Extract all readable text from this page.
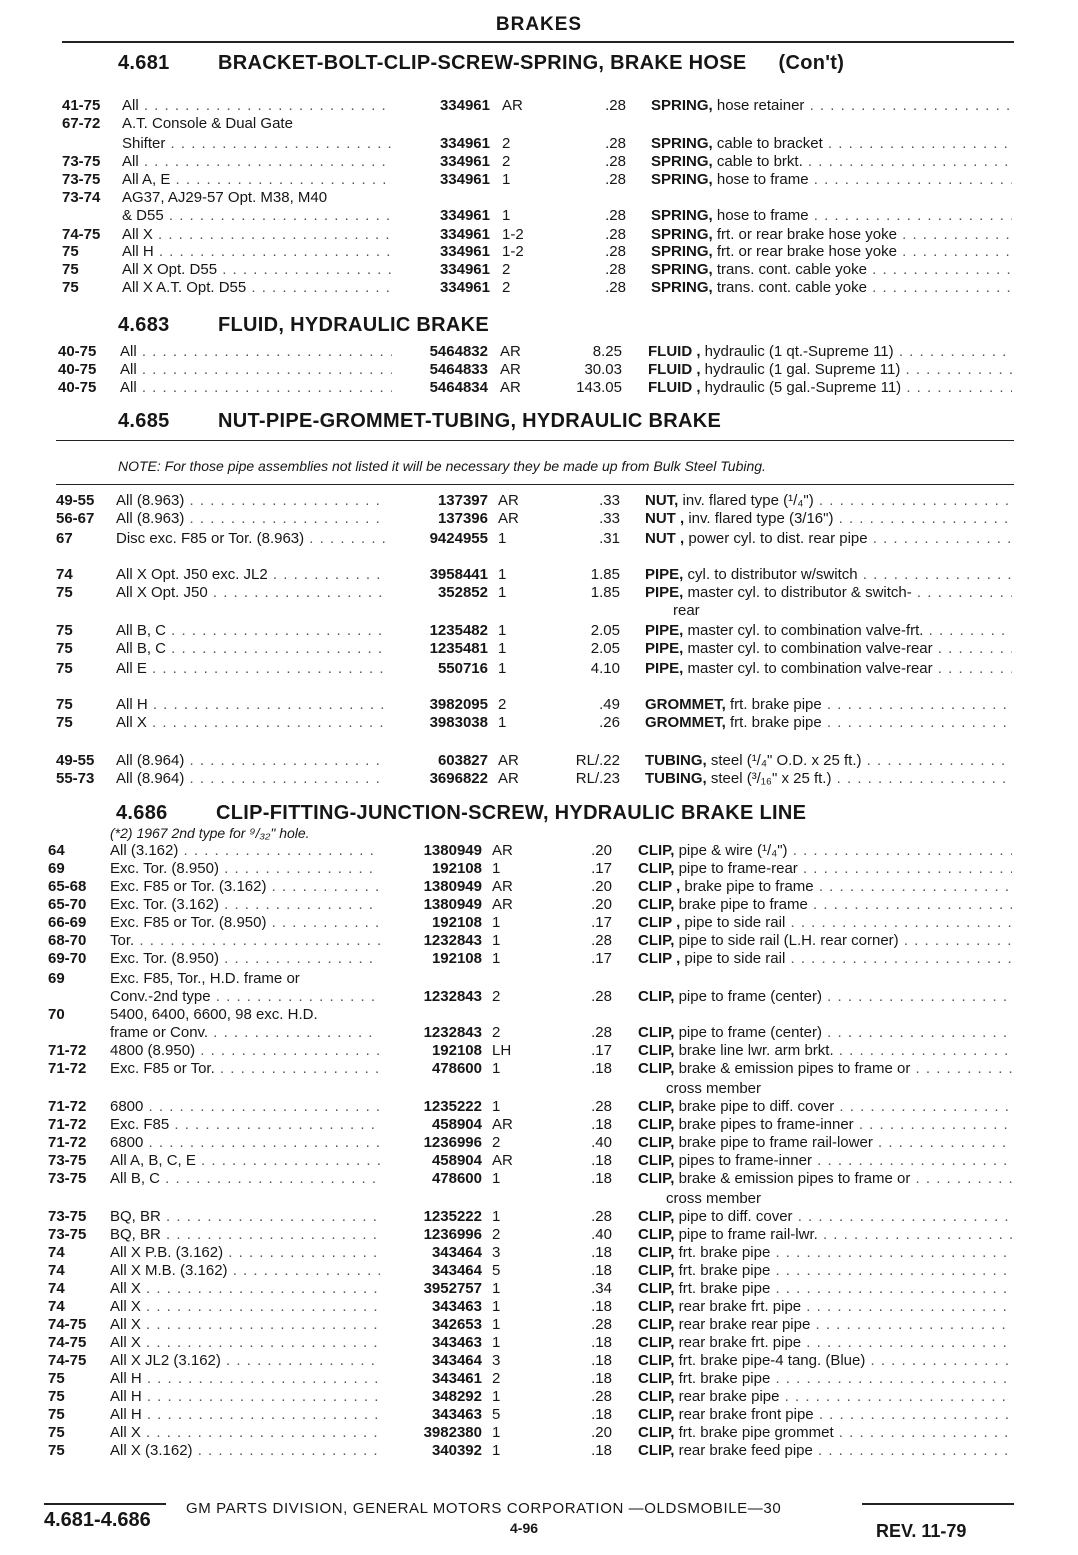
BRAKES
4.681 BRACKET-BOLT-CLIP-SCREW-SPRING, BRAKE HOSE (Con't)
41-75 All . . .	334961 AR	.28 SPRING, hose retainer . . .
67-72 A.T. Console & Dual Gate
Shifter . . .	334961 2	.28 SPRING, cable to bracket . . .
73-75 All . . .	334961 2	.28 SPRING, cable to brkt. . . .
73-75 All A, E . . .	334961 1	.28 SPRING, hose to frame . . .
73-74 AG37, AJ29-57 Opt. M38, M40
& D55 . . .	334961 1	.28 SPRING, hose to frame . . .
74-75 All X . . .	334961 1-2	.28 SPRING, frt. or rear brake hose yoke . . .
75	All H . . .	334961 1-2	.28 SPRING, frt. or rear brake hose yoke . . .
75	All X Opt. D55 . . .	334961 2	.28 SPRING, trans. cont. cable yoke . . .
75	All X A.T. Opt. D55 . . .	334961 2	.28 SPRING, trans. cont. cable yoke . . .
4.683 FLUID, HYDRAULIC BRAKE
40-75 All . . .	5464832 AR	8.25 FLUID , hydraulic (1 qt.-Supreme 11) . . .
40-75 All . . .	5464833 AR	30.03 FLUID , hydraulic (1 gal. Supreme 11) . . .
40-75 All . . .	5464834 AR	143.05 FLUID , hydraulic (5 gal.-Supreme 11) . . .
4.685 NUT-PIPE-GROMMET-TUBING, HYDRAULIC BRAKE
NOTE: For those pipe assemblies not listed it will be necessary they be made up from Bulk Steel Tubing.
49-55 All (8.963) . . .	137397 AR	.33 NUT, inv. flared type (¹/₄") . . .
56-67 All (8.963) . . .	137396 AR	.33 NUT , inv. flared type (3/16") . . .
67	Disc exc. F85 or Tor. (8.963) . . .	9424955 1	.31 NUT , power cyl. to dist. rear pipe . . .
74	All X Opt. J50 exc. JL2 . . .	3958441 1	1.85 PIPE, cyl. to distributor w/switch . . .
75	All X Opt. J50 . . .	352852 1	1.85 PIPE, master cyl. to distributor & switch- . . .
rear
75	All B, C . . .	1235482 1	2.05 PIPE, master cyl. to combination valve-frt. . . .
75	All B, C . . .	1235481 1	2.05 PIPE, master cyl. to combination valve-rear . . .
75	All E . . .	550716 1	4.10 PIPE, master cyl. to combination valve-rear . . .
75	All H . . .	3982095 2	.49 GROMMET, frt. brake pipe . . .
75	All X . . .	3983038 1	.26 GROMMET, frt. brake pipe . . .
49-55 All (8.964) . . .	603827 AR	RL/.22 TUBING, steel (¹/₄" O.D. x 25 ft.) . . .
55-73 All (8.964) . . .	3696822 AR	RL/.23 TUBING, steel (³/₁₆" x 25 ft.) . . .
4.686 CLIP-FITTING-JUNCTION-SCREW, HYDRAULIC BRAKE LINE
(*2) 1967 2nd type for ⁹/₃₂" hole.
64	All (3.162) . . .	1380949 AR	.20 CLIP, pipe & wire (¹/₄") . . .
69	Exc. Tor. (8.950) . . .	192108 1	.17 CLIP, pipe to frame-rear . . .
65-68 Exc. F85 or Tor. (3.162) . . .	1380949 AR	.20 CLIP , brake pipe to frame . . .
65-70 Exc. Tor. (3.162) . . .	1380949 AR	.20 CLIP, brake pipe to frame . . .
66-69 Exc. F85 or Tor. (8.950) . . .	192108 1	.17 CLIP , pipe to side rail . . .
68-70 Tor. . . .	1232843 1	.28 CLIP, pipe to side rail (L.H. rear corner) . . .
69-70 Exc. Tor. (8.950) . . .	192108 1	.17 CLIP , pipe to side rail . . .
69	Exc. F85, Tor., H.D. frame or
Conv.-2nd type . . .	1232843 2	.28 CLIP, pipe to frame (center) . . .
70	5400, 6400, 6600, 98 exc. H.D.
frame or Conv. . . .	1232843 2	.28 CLIP, pipe to frame (center) . . .
71-72 4800 (8.950) . . .	192108 LH	.17 CLIP, brake line lwr. arm brkt. . . .
71-72 Exc. F85 or Tor. . . .	478600 1	.18 CLIP, brake & emission pipes to frame or . . .
cross member
71-72 6800 . . .	1235222 1	.28 CLIP, brake pipe to diff. cover . . .
71-72 Exc. F85 . . .	458904 AR	.18 CLIP, brake pipes to frame-inner . . .
71-72 6800 . . .	1236996 2	.40 CLIP, brake pipe to frame rail-lower . . .
73-75 All A, B, C, E . . .	458904 AR	.18 CLIP, pipes to frame-inner . . .
73-75 All B, C . . .	478600 1	.18 CLIP, brake & emission pipes to frame or . . .
cross member
73-75 BQ, BR . . .	1235222 1	.28 CLIP, pipe to diff. cover . . .
73-75 BQ, BR . . .	1236996 2	.40 CLIP, pipe to frame rail-lwr. . . .
74	All X P.B. (3.162) . . .	343464 3	.18 CLIP, frt. brake pipe . . .
74	All X M.B. (3.162) . . .	343464 5	.18 CLIP, frt. brake pipe . . .
74	All X . . .	3952757 1	.34 CLIP, frt. brake pipe . . .
74	All X . . .	343463 1	.18 CLIP, rear brake frt. pipe . . .
74-75 All X . . .	342653 1	.28 CLIP, rear brake rear pipe . . .
74-75 All X . . .	343463 1	.18 CLIP, rear brake frt. pipe . . .
74-75 All X JL2 (3.162) . . .	343464 3	.18 CLIP, frt. brake pipe-4 tang. (Blue) . . .
75	All H . . .	343461 2	.18 CLIP, frt. brake pipe . . .
75	All H . . .	348292 1	.28 CLIP, rear brake pipe . . .
75	All H . . .	343463 5	.18 CLIP, rear brake front pipe . . .
75	All X . . .	3982380 1	.20 CLIP, frt. brake pipe grommet . . .
75	All X (3.162) . . .	340392 1	.18 CLIP, rear brake feed pipe . . .
4.681-4.686
GM PARTS DIVISION, GENERAL MOTORS CORPORATION —OLDSMOBILE—30
4-96	REV. 11-79
